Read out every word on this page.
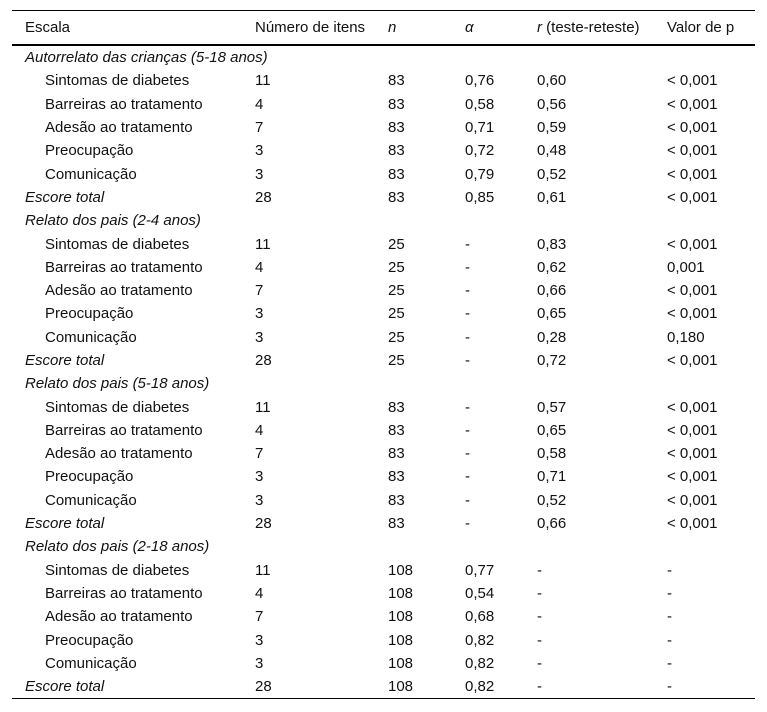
Escala	Número de itens	n	α	r (teste-reteste)	Valor de p
Autorrelato das crianças (5-18 anos)					
Sintomas de diabetes	11	83	0,76	0,60	< 0,001
Barreiras ao tratamento	4	83	0,58	0,56	< 0,001
Adesão ao tratamento	7	83	0,71	0,59	< 0,001
Preocupação	3	83	0,72	0,48	< 0,001
Comunicação	3	83	0,79	0,52	< 0,001
Escore total	28	83	0,85	0,61	< 0,001
Relato dos pais (2-4 anos)					
Sintomas de diabetes	11	25	-	0,83	< 0,001
Barreiras ao tratamento	4	25	-	0,62	0,001
Adesão ao tratamento	7	25	-	0,66	< 0,001
Preocupação	3	25	-	0,65	< 0,001
Comunicação	3	25	-	0,28	0,180
Escore total	28	25	-	0,72	< 0,001
Relato dos pais (5-18 anos)					
Sintomas de diabetes	11	83	-	0,57	< 0,001
Barreiras ao tratamento	4	83	-	0,65	< 0,001
Adesão ao tratamento	7	83	-	0,58	< 0,001
Preocupação	3	83	-	0,71	< 0,001
Comunicação	3	83	-	0,52	< 0,001
Escore total	28	83	-	0,66	< 0,001
Relato dos pais (2-18 anos)					
Sintomas de diabetes	11	108	0,77	-	-
Barreiras ao tratamento	4	108	0,54	-	-
Adesão ao tratamento	7	108	0,68	-	-
Preocupação	3	108	0,82	-	-
Comunicação	3	108	0,82	-	-
Escore total	28	108	0,82	-	-
